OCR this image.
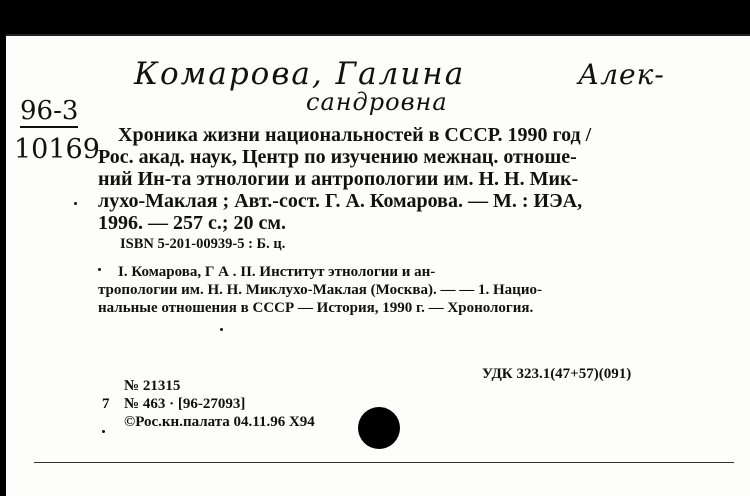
Комарова, Галина	Алек-
сандровна
96-3
10169 Хроника жизни национальностей в СССР. 1990 год /
Рос. акад. наук, Центр по изучению межнац. отноше-
ний Ин-та этнологии и антропологии им. Н. Н. Мик-
лухо-Маклая ; Авт.-сост. Г. А. Комарова. — М. : ИЭА,
1996. — 257 с.; 20 см.
ISBN 5-201-00939-5 : Б. ц.
I. Комарова, Г А . II. Институт этнологии и ан-
тропологии им. Н. Н. Миклухо-Маклая (Москва). — — 1. Нацио-
нальные отношения в СССР — История, 1990 г. — Хронология.
УДК 323.1(47+57)(091)
№ 21315
7 № 463 · [96-27093]
©Рос.кн.палата 04.11.96 Х94
